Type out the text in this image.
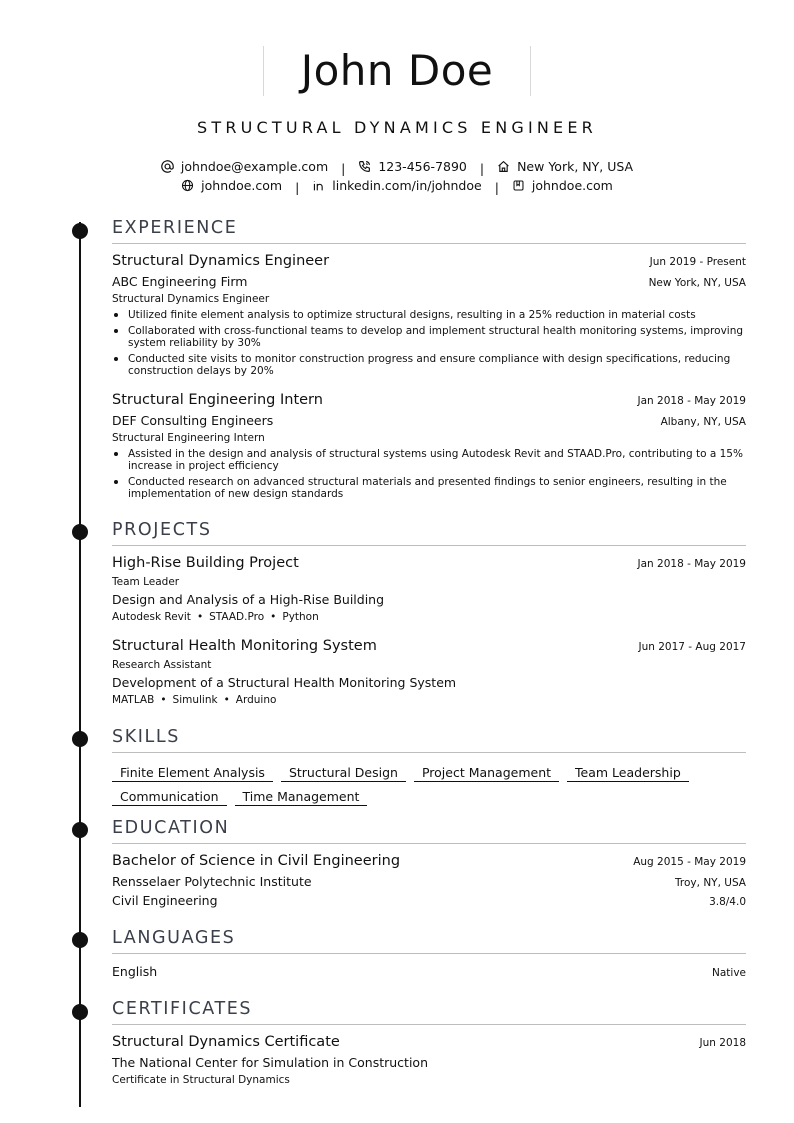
John Doe
STRUCTURAL DYNAMICS ENGINEER
johndoe@example.com |	123-456-7890 |	New York, NY, USA
johndoe.com |	linkedin.com/in/johndoe |	johndoe.com
EXPERIENCE
Structural Dynamics Engineer	Jun 2019 - Present
ABC Engineering Firm	New York, NY, USA
Structural Dynamics Engineer
Utilized finite element analysis to optimize structural designs, resulting in a 25% reduction in material costs
Collaborated with cross-functional teams to develop and implement structural health monitoring systems, improving system reliability by 30%
Conducted site visits to monitor construction progress and ensure compliance with design specifications, reducing construction delays by 20%
Structural Engineering Intern	Jan 2018 - May 2019
DEF Consulting Engineers	Albany, NY, USA
Structural Engineering Intern
Assisted in the design and analysis of structural systems using Autodesk Revit and STAAD.Pro, contributing to a 15% increase in project efficiency
Conducted research on advanced structural materials and presented findings to senior engineers, resulting in the implementation of new design standards
PROJECTS
High-Rise Building Project	Jan 2018 - May 2019
Team Leader
Design and Analysis of a High-Rise Building
Autodesk Revit • STAAD.Pro • Python
Structural Health Monitoring System	Jun 2017 - Aug 2017
Research Assistant
Development of a Structural Health Monitoring System
MATLAB • Simulink • Arduino
SKILLS
Finite Element Analysis Structural Design Project Management Team Leadership
Communication Time Management
EDUCATION
Bachelor of Science in Civil Engineering	Aug 2015 - May 2019
Rensselaer Polytechnic Institute	Troy, NY, USA
Civil Engineering	3.8/4.0
LANGUAGES
English	Native
CERTIFICATES
Structural Dynamics Certificate	Jun 2018
The National Center for Simulation in Construction
Certificate in Structural Dynamics
